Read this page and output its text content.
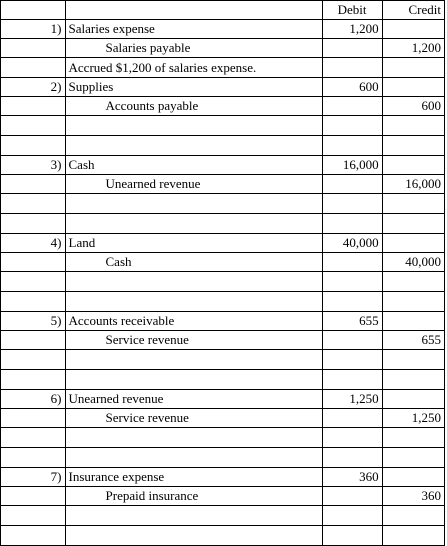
		Debit	Credit
1)	Salaries expense	1,200	
	Salaries payable		1,200
	Accrued $1,200 of salaries expense.		
2)	Supplies	600	
	Accounts payable		600

3)	Cash	16,000	
	Unearned revenue		16,000

4)	Land	40,000	
	Cash		40,000

5)	Accounts receivable	655	
	Service revenue		655

6)	Unearned revenue	1,250	
	Service revenue		1,250

7)	Insurance expense	360	
	Prepaid insurance		360
